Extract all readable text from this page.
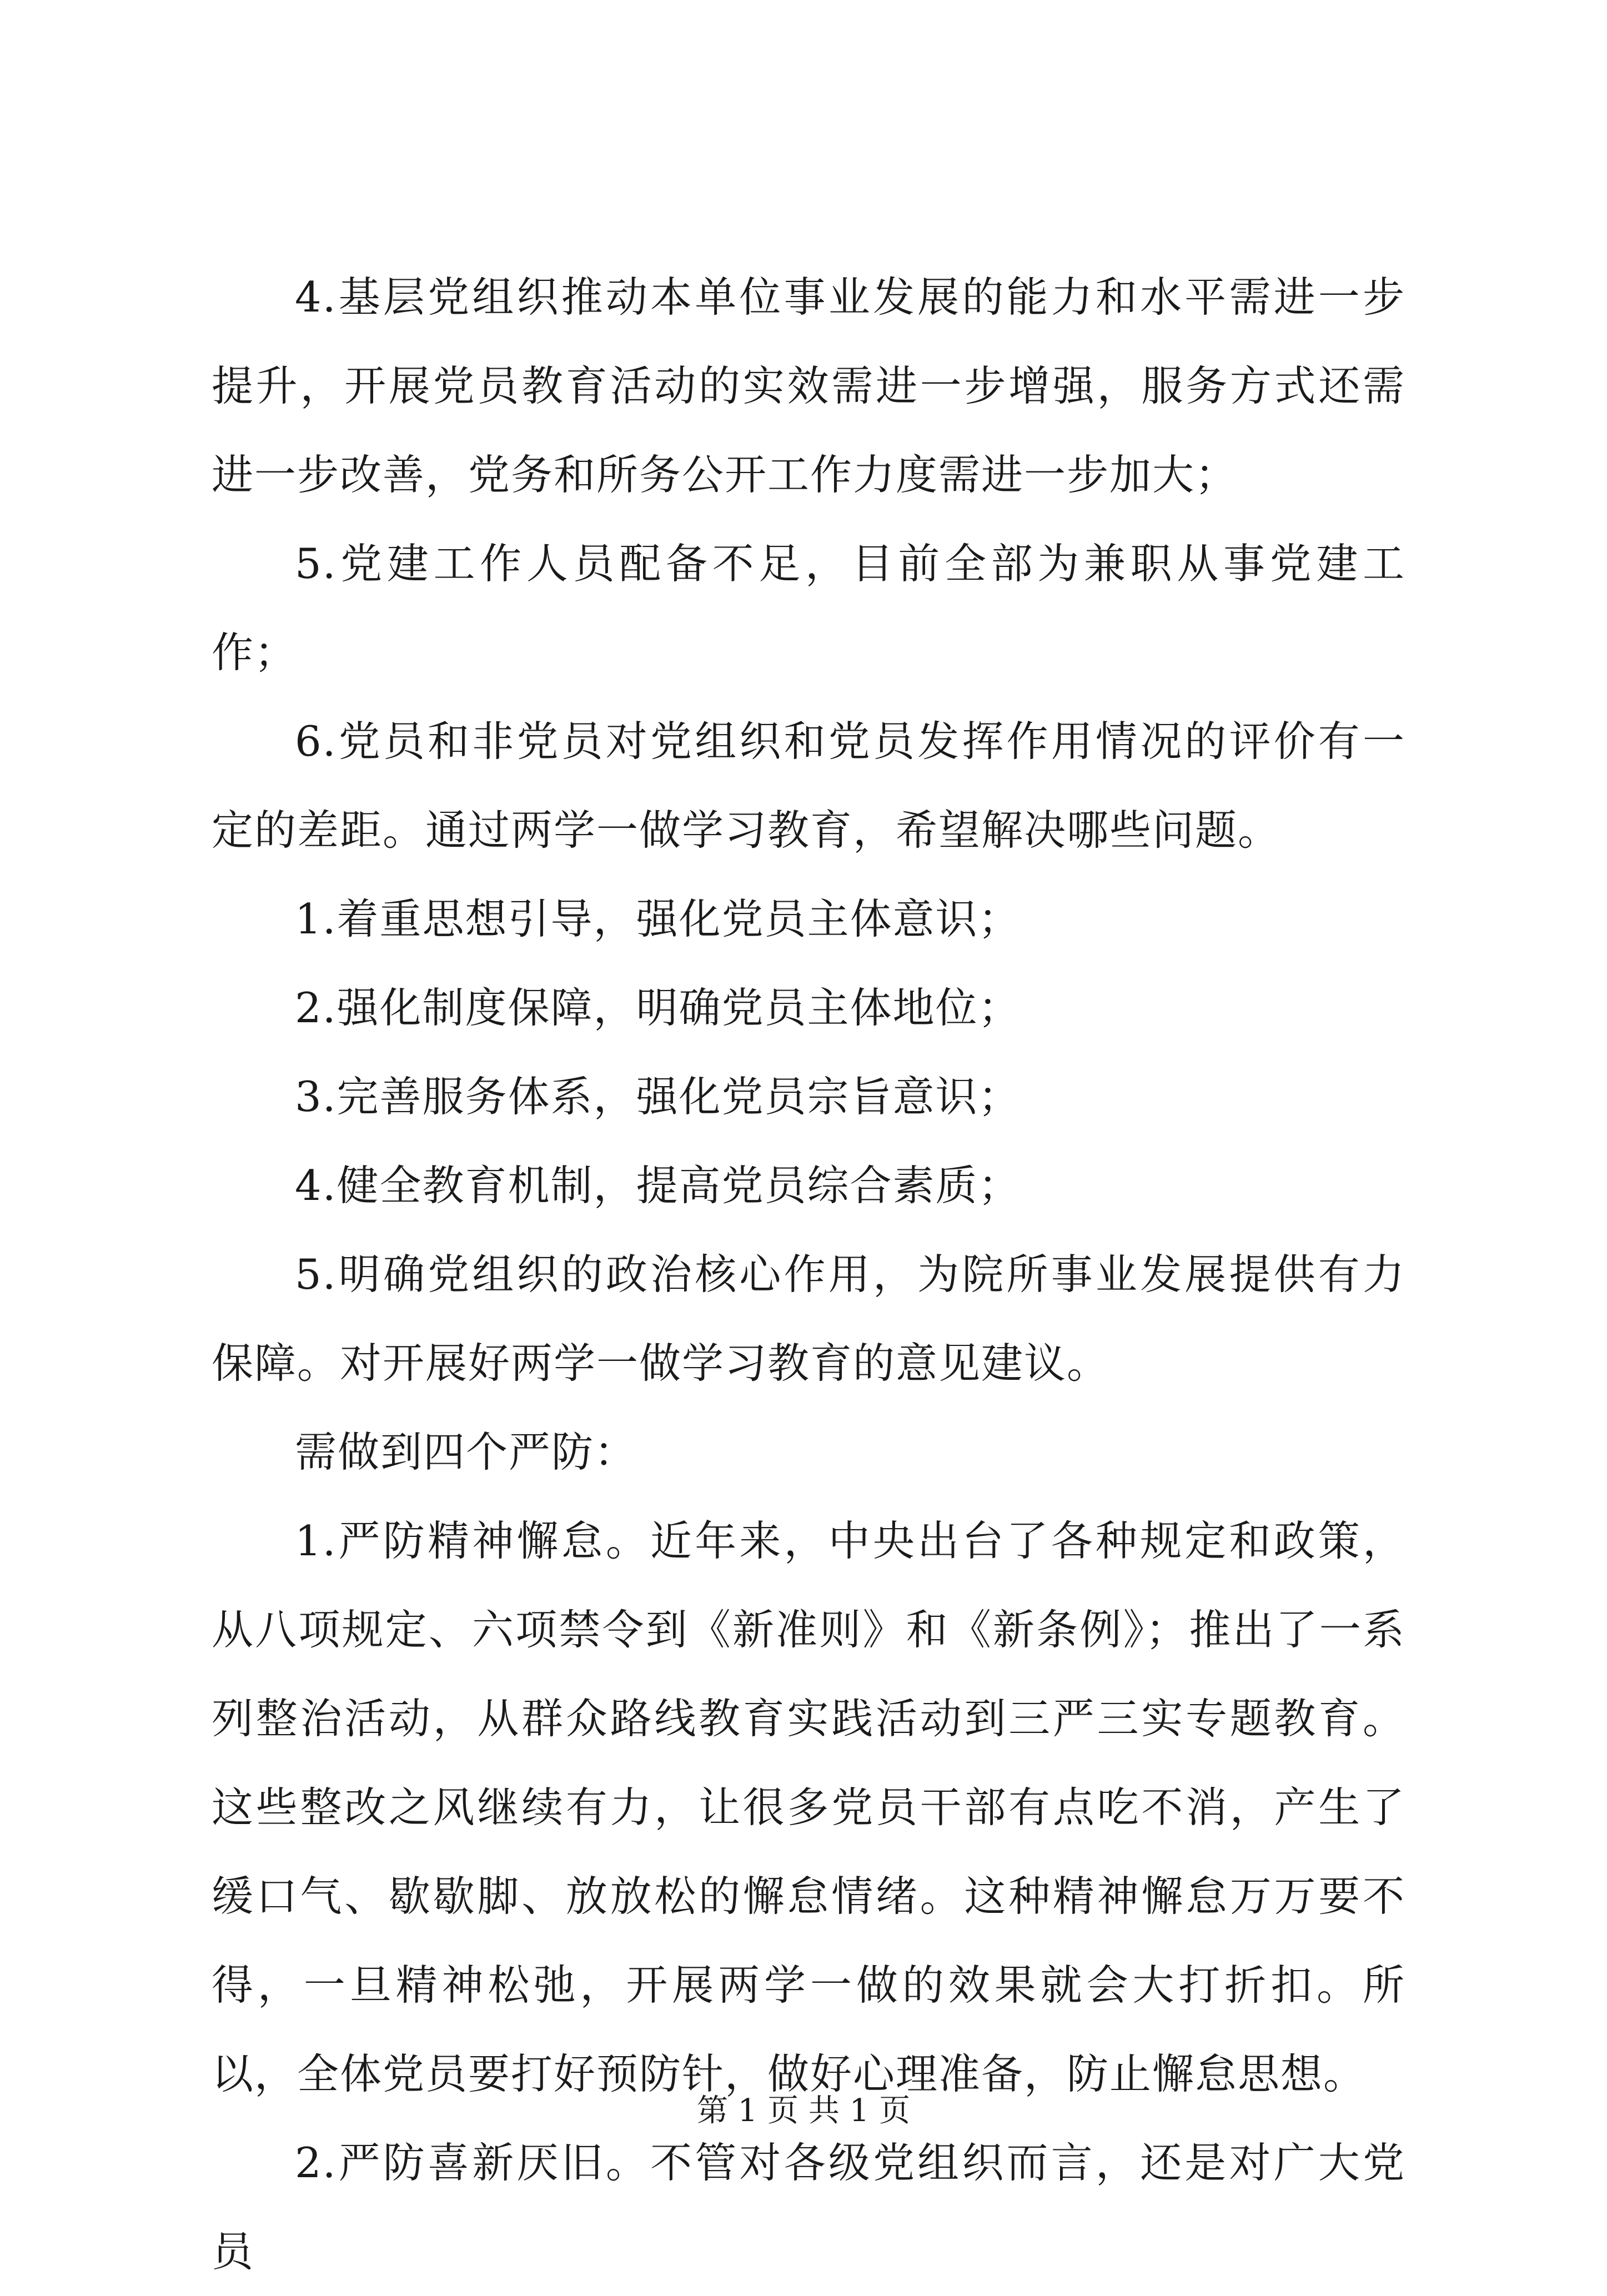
4.基层党组织推动本单位事业发展的能力和水平需进一步提升，开展党员教育活动的实效需进一步增强，服务方式还需进一步改善，党务和所务公开工作力度需进一步加大；

5.党建工作人员配备不足，目前全部为兼职从事党建工作；

6.党员和非党员对党组织和党员发挥作用情况的评价有一定的差距。通过两学一做学习教育，希望解决哪些问题。

1.着重思想引导，强化党员主体意识；

2.强化制度保障，明确党员主体地位；

3.完善服务体系，强化党员宗旨意识；

4.健全教育机制，提高党员综合素质；

5.明确党组织的政治核心作用，为院所事业发展提供有力保障。对开展好两学一做学习教育的意见建议。

需做到四个严防：

1.严防精神懈怠。近年来，中央出台了各种规定和政策，从八项规定、六项禁令到《新准则》和《新条例》；推出了一系列整治活动，从群众路线教育实践活动到三严三实专题教育。这些整改之风继续有力，让很多党员干部有点吃不消，产生了缓口气、歇歇脚、放放松的懈怠情绪。这种精神懈怠万万要不得，一旦精神松弛，开展两学一做的效果就会大打折扣。所以，全体党员要打好预防针，做好心理准备，防止懈怠思想。

2.严防喜新厌旧。不管对各级党组织而言，还是对广大党员

第 1 页 共 1 页
